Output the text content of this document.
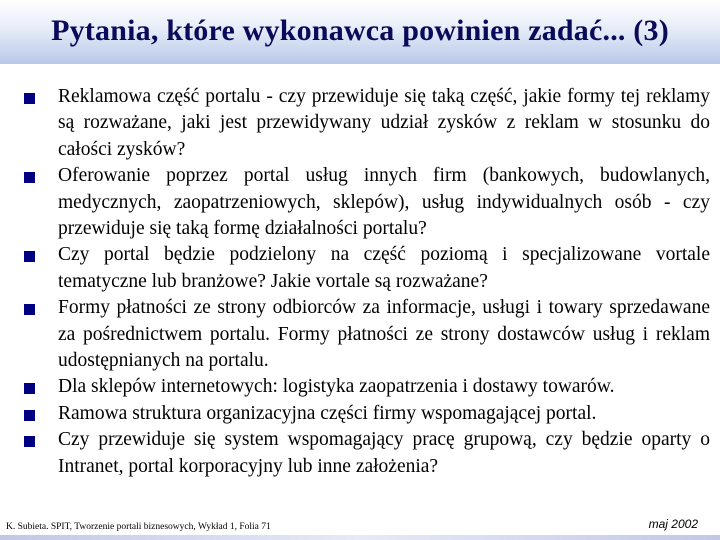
Pytania, które wykonawca powinien zadać... (3)
Reklamowa część portalu - czy przewiduje się taką część, jakie formy tej reklamy są rozważane, jaki jest przewidywany udział zysków z reklam w stosunku do całości zysków?
Oferowanie poprzez portal usług innych firm (bankowych, budowlanych, medycznych, zaopatrzeniowych, sklepów), usług indywidualnych osób - czy przewiduje się taką formę działalności portalu?
Czy portal będzie podzielony na część poziomą i specjalizowane vortale tematyczne lub branżowe? Jakie vortale są rozważane?
Formy płatności ze strony odbiorców za informacje, usługi i towary sprzedawane za pośrednictwem portalu. Formy płatności ze strony dostawców usług i reklam udostępnianych na portalu.
Dla sklepów internetowych: logistyka zaopatrzenia i dostawy towarów.
Ramowa struktura organizacyjna części firmy wspomagającej portal.
Czy przewiduje się system wspomagający pracę grupową, czy będzie oparty o Intranet, portal korporacyjny lub inne założenia?
K. Subieta. SPIT, Tworzenie portali biznesowych, Wykład 1, Folia 71	maj 2002
